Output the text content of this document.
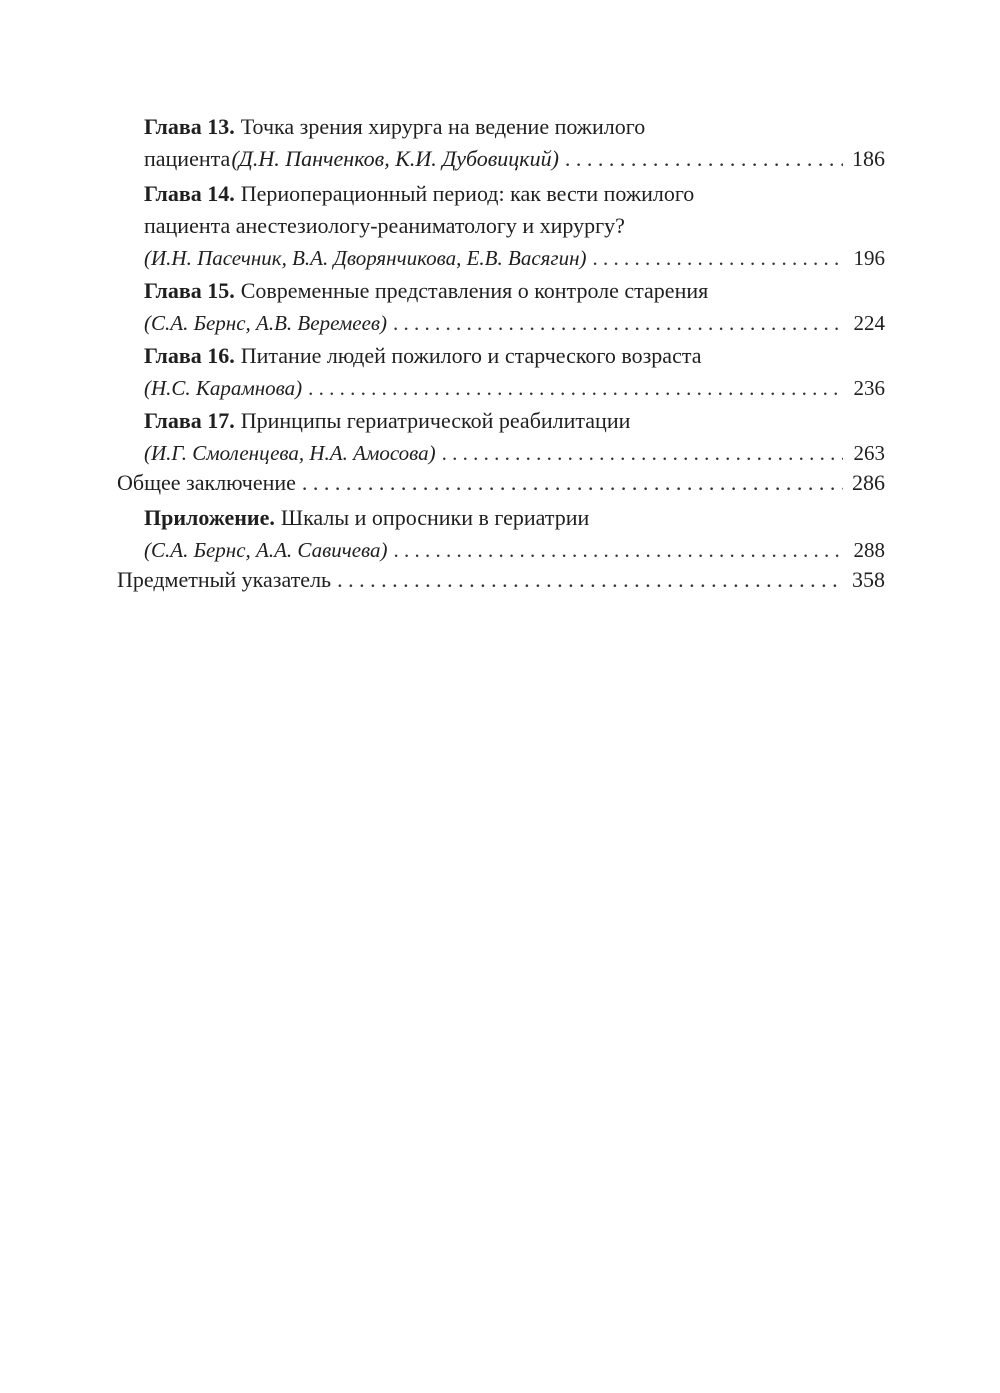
Глава 13. Точка зрения хирурга на ведение пожилого
пациента (Д.Н. Панченков, К.И. Дубовицкий) . . .	186
Глава 14. Периоперационный период: как вести пожилого
пациента анестезиологу-реаниматологу и хирургу?
(И.Н. Пасечник, В.А. Дворянчикова, Е.В. Васягин) . . .	196
Глава 15. Современные представления о контроле старения
(С.А. Бернс, А.В. Веремеев) . . .	224
Глава 16. Питание людей пожилого и старческого возраста
(Н.С. Карамнова) . . .	236
Глава 17. Принципы гериатрической реабилитации
(И.Г. Смоленцева, Н.А. Амосова) . . .	263
Общее заключение . . .	286
Приложение. Шкалы и опросники в гериатрии
(С.А. Бернс, А.А. Савичева) . . .	288
Предметный указатель . . .	358
